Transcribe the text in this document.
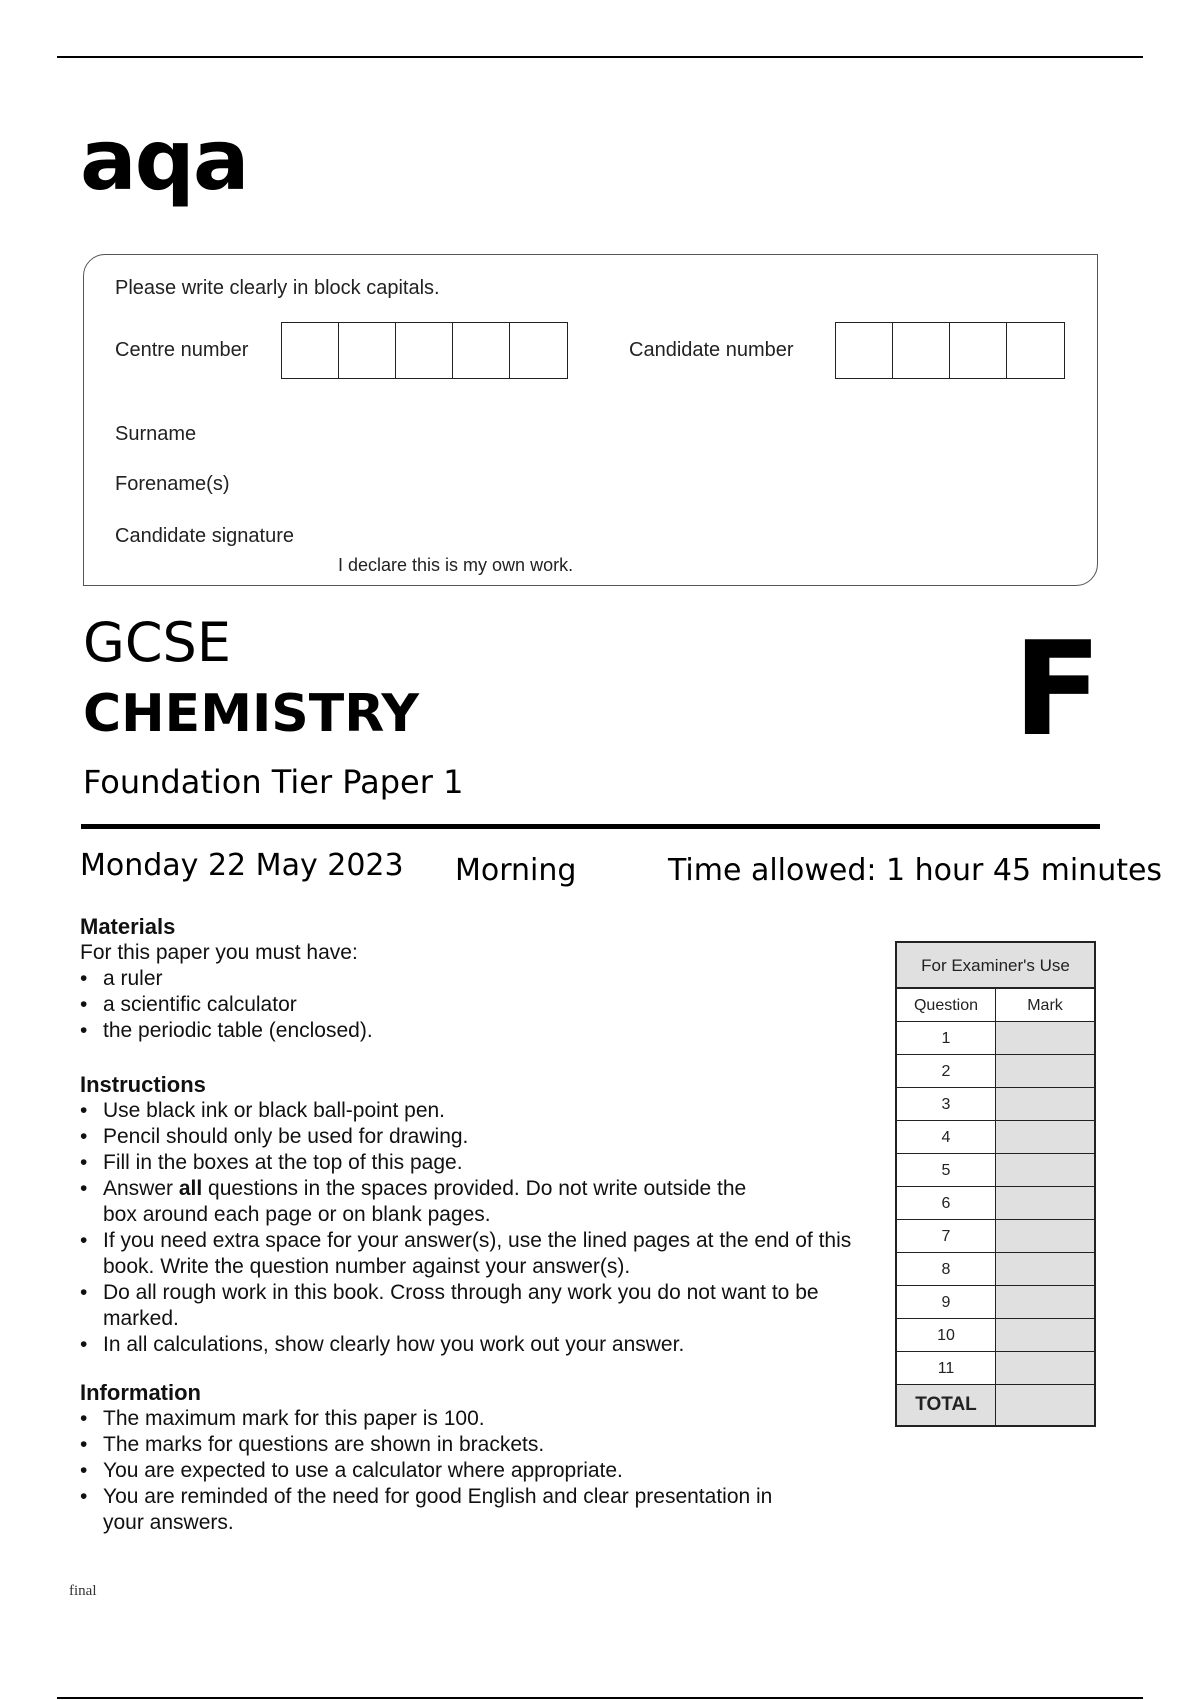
aqa
Please write clearly in block capitals.
Centre number	Candidate number
Surname
Forename(s)
Candidate signature
I declare this is my own work.
GCSE
CHEMISTRY
Foundation Tier Paper 1
F
Monday 22 May 2023 Morning	Time allowed: 1 hour 45 minutes
Materials
For this paper you must have:
• a ruler
• a scientific calculator
• the periodic table (enclosed).
Instructions
• Use black ink or black ball-point pen.
• Pencil should only be used for drawing.
• Fill in the boxes at the top of this page.
• Answer all questions in the spaces provided. Do not write outside the box around each page or on blank pages.
• If you need extra space for your answer(s), use the lined pages at the end of this book. Write the question number against your answer(s).
• Do all rough work in this book. Cross through any work you do not want to be marked.
• In all calculations, show clearly how you work out your answer.
Information
• The maximum mark for this paper is 100.
• The marks for questions are shown in brackets.
• You are expected to use a calculator where appropriate.
• You are reminded of the need for good English and clear presentation in your answers.
For Examiner's Use
Question	Mark
1
2
3
4
5
6
7
8
9
10
11
TOTAL
final
